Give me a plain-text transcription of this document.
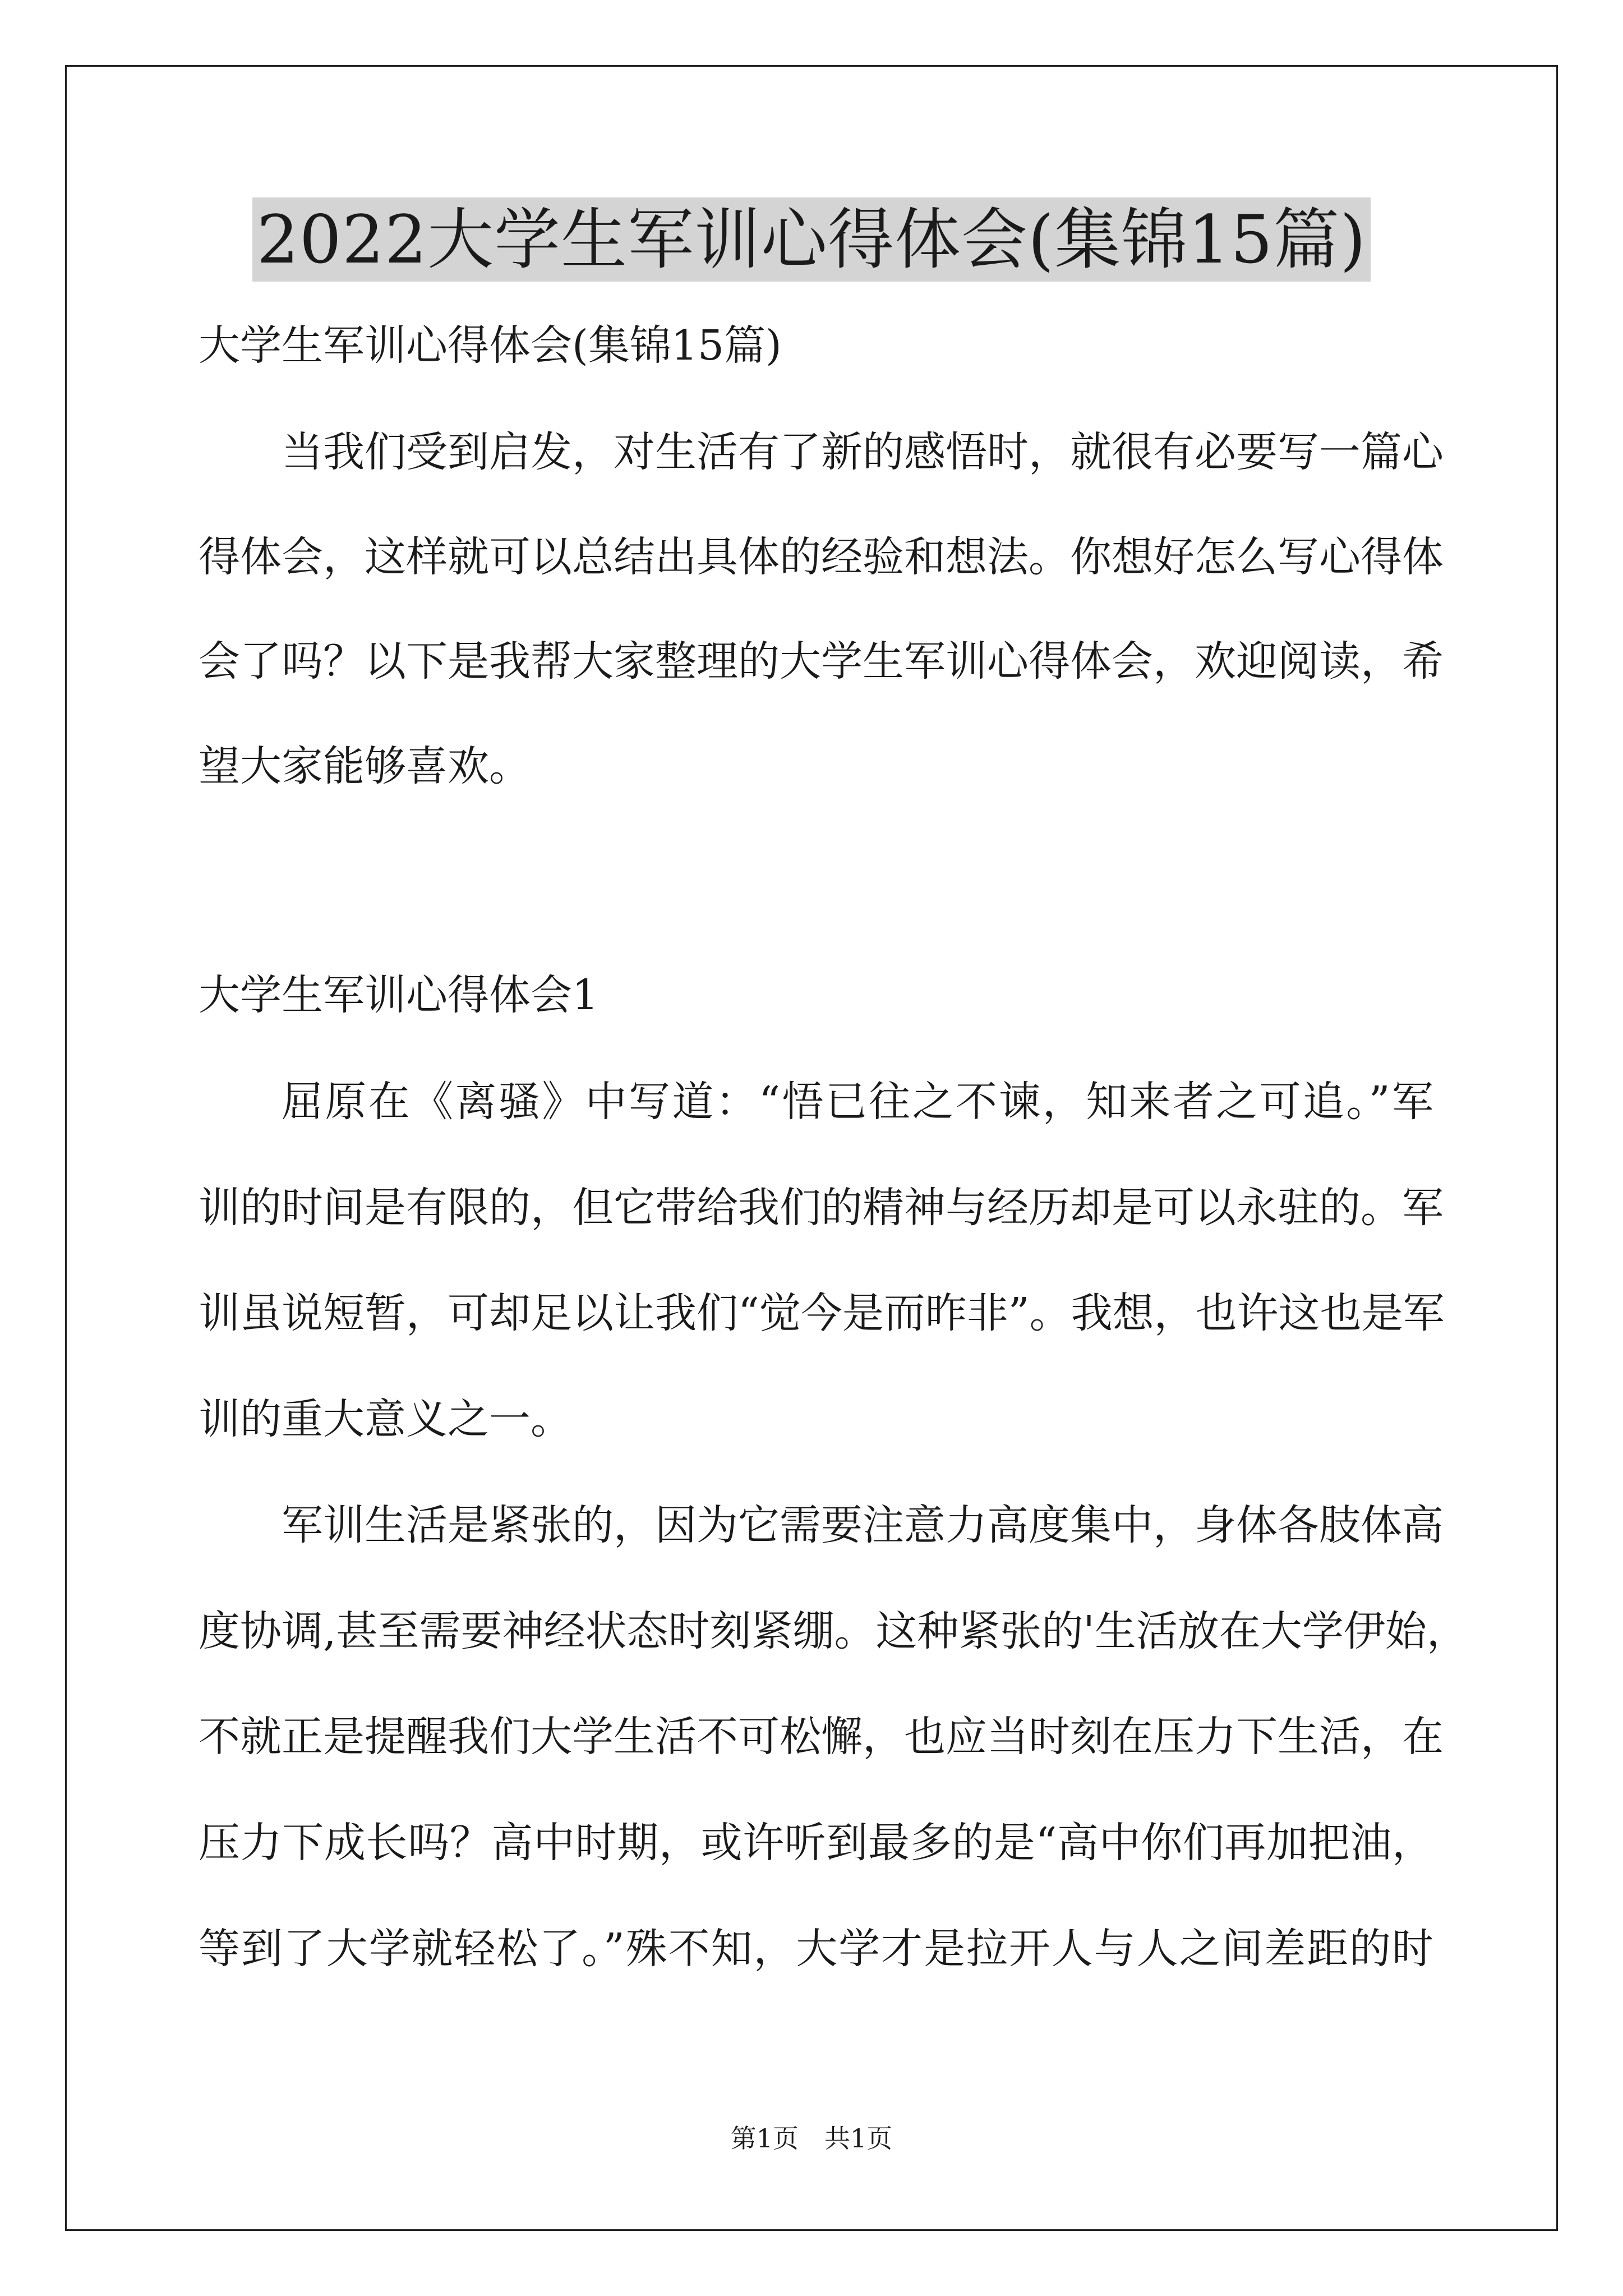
2022大学生军训心得体会(集锦15篇)
大学生军训心得体会(集锦15篇)
当我们受到启发，对生活有了新的感悟时，就很有必要写一篇心
得体会，这样就可以总结出具体的经验和想法。你想好怎么写心得体
会了吗？以下是我帮大家整理的大学生军训心得体会，欢迎阅读，希
望大家能够喜欢。
大学生军训心得体会1
屈原在《离骚》中写道：“悟已往之不谏，知来者之可追。”军
训的时间是有限的，但它带给我们的精神与经历却是可以永驻的。军
训虽说短暂，可却足以让我们“觉今是而昨非”。我想，也许这也是军
训的重大意义之一。
军训生活是紧张的，因为它需要注意力高度集中，身体各肢体高
度协调,甚至需要神经状态时刻紧绷。这种紧张的'生活放在大学伊始，
不就正是提醒我们大学生活不可松懈，也应当时刻在压力下生活，在
压力下成长吗？高中时期，或许听到最多的是“高中你们再加把油，
等到了大学就轻松了。”殊不知，大学才是拉开人与人之间差距的时
第1页　共1页
